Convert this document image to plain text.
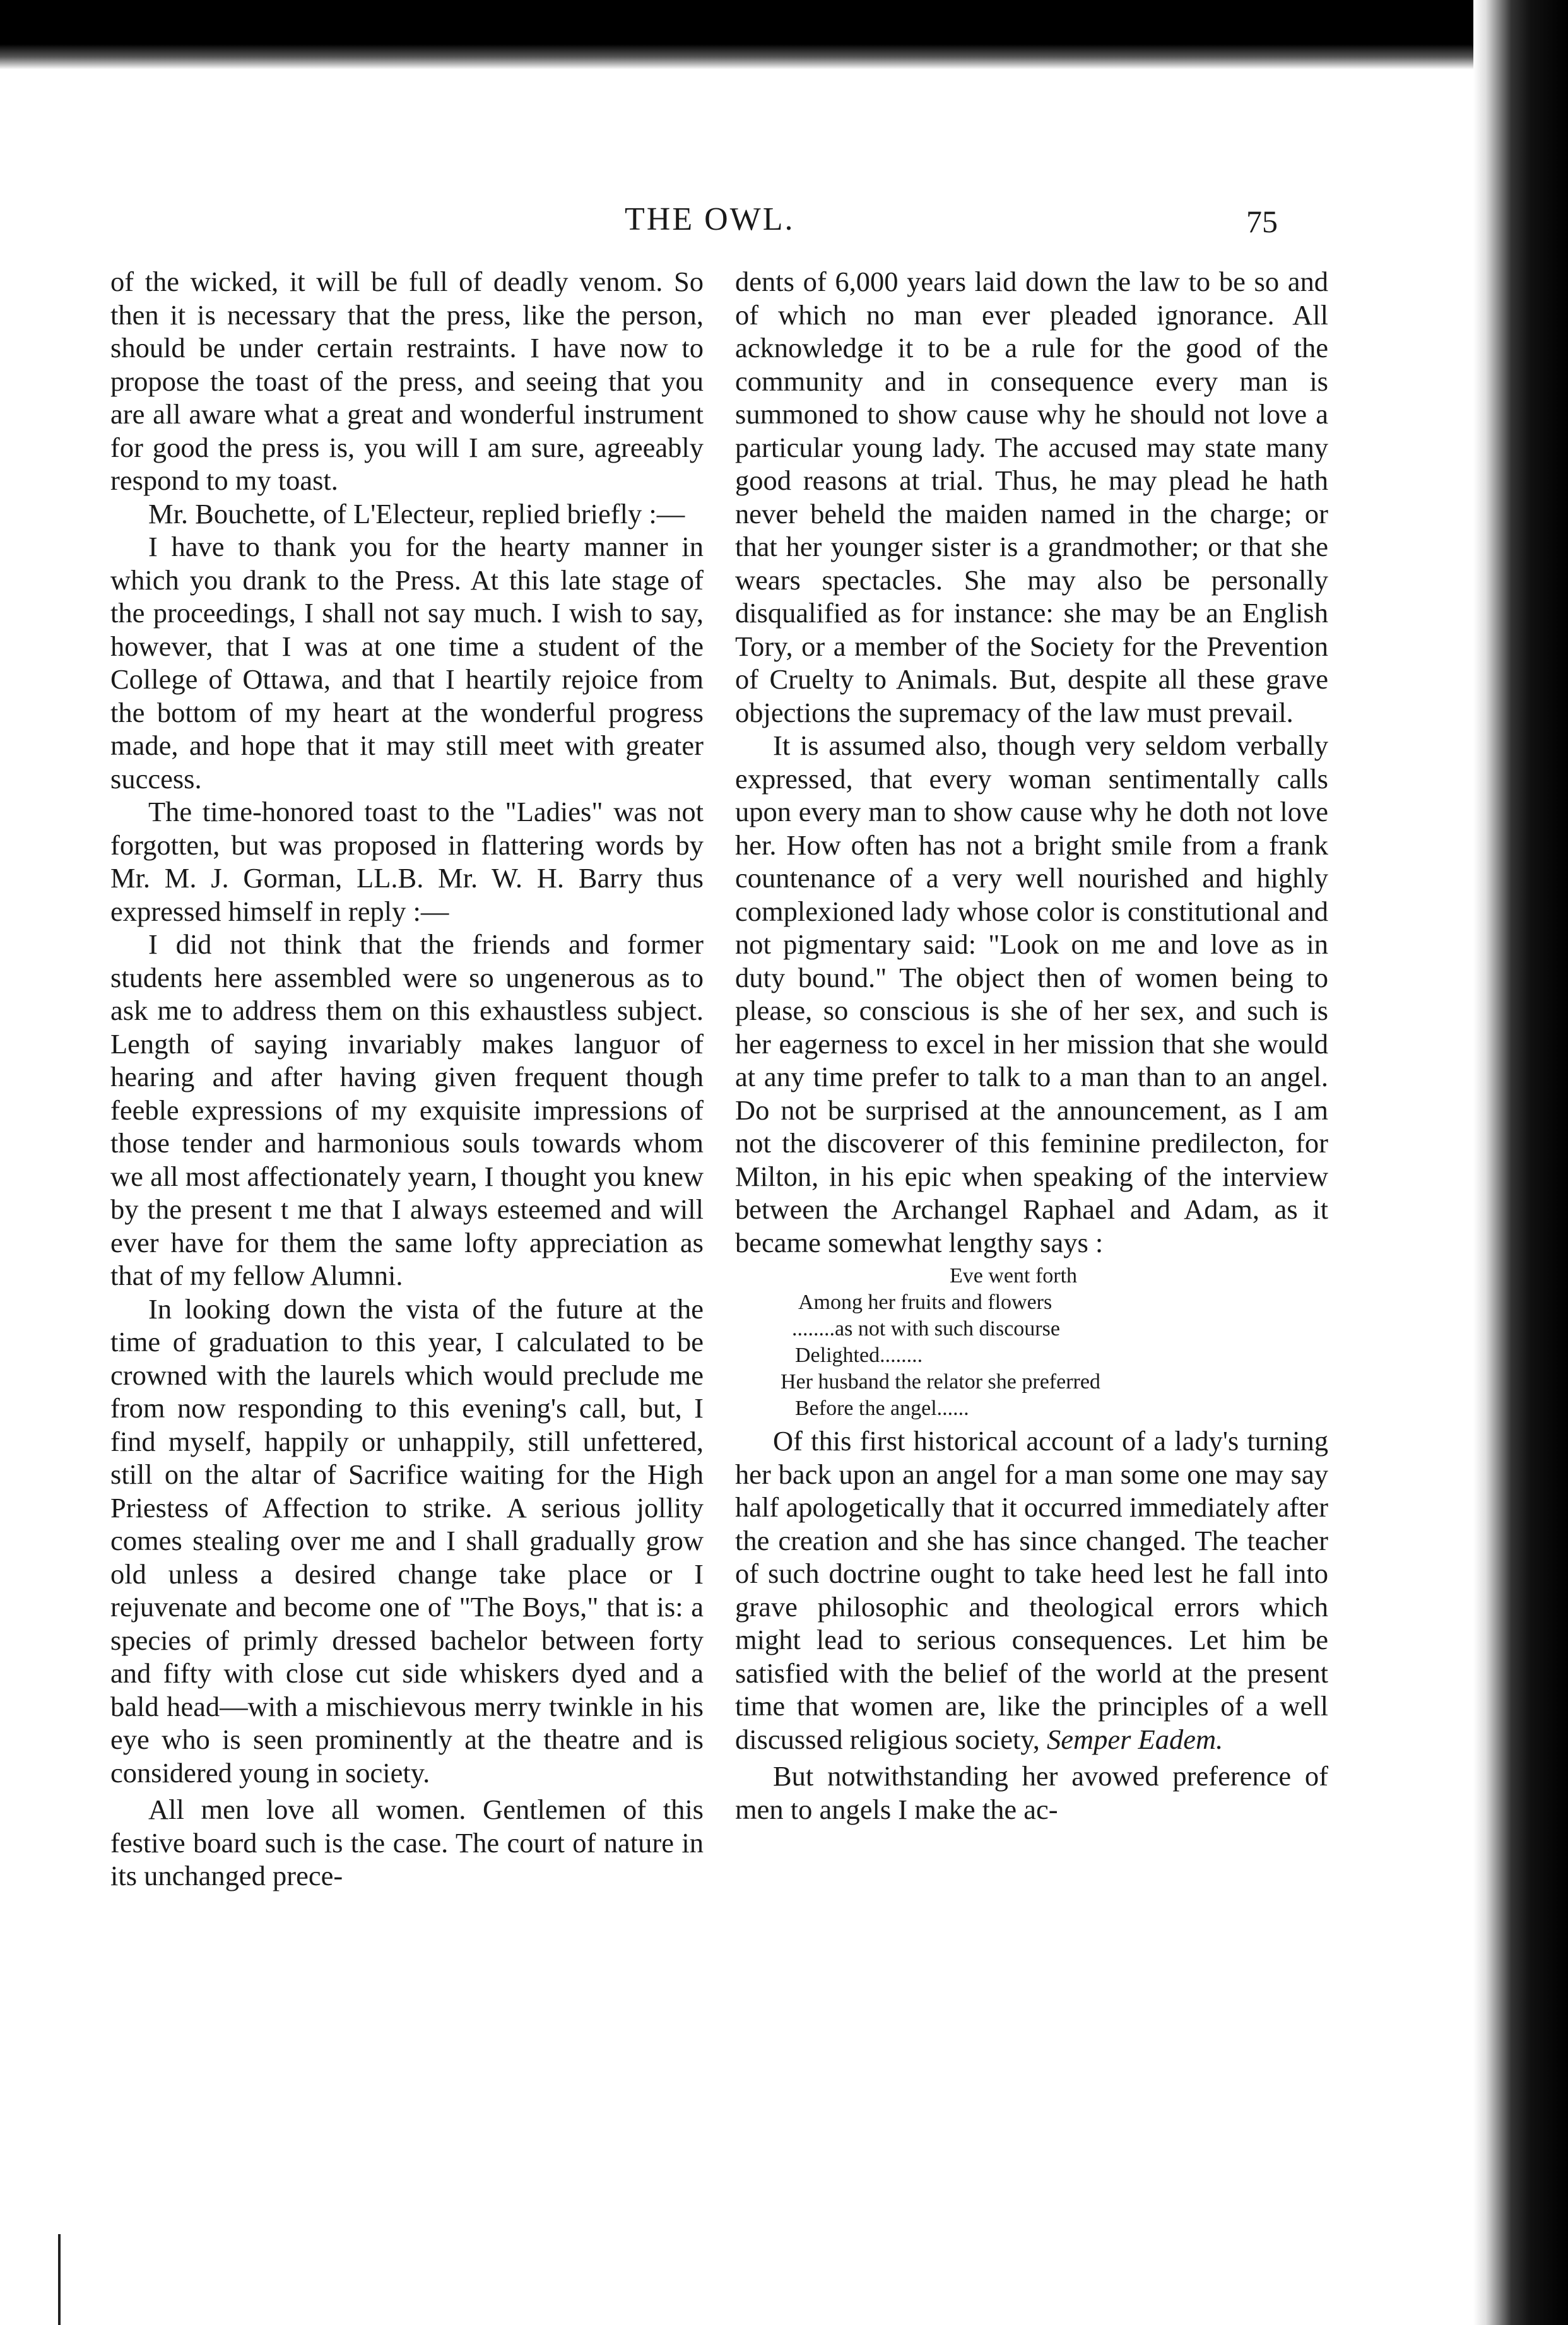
THE OWL.	75

of the wicked, it will be full of deadly venom. So then it is necessary that the press, like the person, should be under certain restraints. I have now to propose the toast of the press, and seeing that you are all aware what a great and wonderful instrument for good the press is, you will I am sure, agreeably respond to my toast.

Mr. Bouchette, of L'Electeur, replied briefly :—

I have to thank you for the hearty manner in which you drank to the Press. At this late stage of the proceedings, I shall not say much. I wish to say, however, that I was at one time a student of the College of Ottawa, and that I heartily rejoice from the bottom of my heart at the wonderful progress made, and hope that it may still meet with greater success.

The time-honored toast to the "Ladies" was not forgotten, but was proposed in flattering words by Mr. M. J. Gorman, LL.B. Mr. W. H. Barry thus expressed himself in reply :—

I did not think that the friends and former students here assembled were so ungenerous as to ask me to address them on this exhaustless subject. Length of saying invariably makes languor of hearing and after having given frequent though feeble expressions of my exquisite impressions of those tender and harmonious souls towards whom we all most affectionately yearn, I thought you knew by the present t me that I always esteemed and will ever have for them the same lofty appreciation as that of my fellow Alumni.

In looking down the vista of the future at the time of graduation to this year, I calculated to be crowned with the laurels which would preclude me from now responding to this evening's call, but, I find myself, happily or unhappily, still unfettered, still on the altar of Sacrifice waiting for the High Priestess of Affection to strike. A serious jollity comes stealing over me and I shall gradually grow old unless a desired change take place or I rejuvenate and become one of "The Boys," that is: a species of primly dressed bachelor between forty and fifty with close cut side whiskers dyed and a bald head—with a mischievous merry twinkle in his eye who is seen prominently at the theatre and is considered young in society.

All men love all women. Gentlemen of this festive board such is the case. The court of nature in its unchanged prece-

dents of 6,000 years laid down the law to be so and of which no man ever pleaded ignorance. All acknowledge it to be a rule for the good of the community and in consequence every man is summoned to show cause why he should not love a particular young lady. The accused may state many good reasons at trial. Thus, he may plead he hath never beheld the maiden named in the charge; or that her younger sister is a grandmother; or that she wears spectacles. She may also be personally disqualified as for instance: she may be an English Tory, or a member of the Society for the Prevention of Cruelty to Animals. But, despite all these grave objections the supremacy of the law must prevail.

It is assumed also, though very seldom verbally expressed, that every woman sentimentally calls upon every man to show cause why he doth not love her. How often has not a bright smile from a frank countenance of a very well nourished and highly complexioned lady whose color is constitutional and not pigmentary said: "Look on me and love as in duty bound." The object then of women being to please, so conscious is she of her sex, and such is her eagerness to excel in her mission that she would at any time prefer to talk to a man than to an angel. Do not be surprised at the announcement, as I am not the discoverer of this feminine predilecton, for Milton, in his epic when speaking of the interview between the Archangel Raphael and Adam, as it became somewhat lengthy says :

Eve went forth
Among her fruits and flowers
........as not with such discourse
Delighted........
Her husband the relator she preferred
Before the angel......

Of this first historical account of a lady's turning her back upon an angel for a man some one may say half apologetically that it occurred immediately after the creation and she has since changed. The teacher of such doctrine ought to take heed lest he fall into grave philosophic and theological errors which might lead to serious consequences. Let him be satisfied with the belief of the world at the present time that women are, like the principles of a well discussed religious society, Semper Eadem.

But notwithstanding her avowed preference of men to angels I make the ac-
